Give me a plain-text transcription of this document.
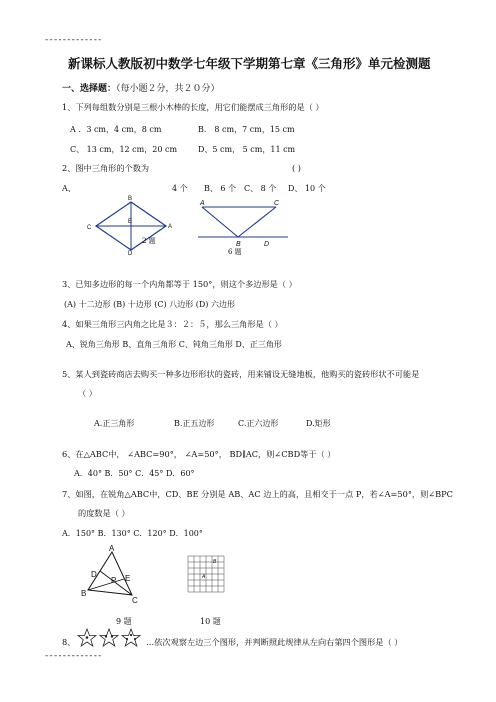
-------------
新课标人教版初中数学七年级下学期第七章《三角形》单元检测题
一、选择题：（每小题２分，共２０分）
1、下列每组数分别是三根小木棒的长度，用它们能摆成三角形的是（ ）
A ．3 cm，4 cm，8 cm	B． 8 cm，7 cm，15 cm
C、 13 cm，12 cm，20 cm	D、5 cm， 5 cm，11 cm
2、图中三角形的个数为	( )
A、	4 个 B、 6 个 C、 8 个 D、 10 个
B
C
E
A
D
2 题
A	C
B	D
6 题
3、已知多边形的每一个内角都等于 150°，则这个多边形是（ ）
(A) 十二边形 (B) 十边形 (C) 八边形 (D) 六边形
4、如果三角形三内角之比是３：２：５，那么三角形是（ ）
A、锐角三角形 B、直角三角形 C、钝角三角形 D、正三角形
5、某人到瓷砖商店去购买一种多边形形状的瓷砖，用来铺设无缝地板，他购买的瓷砖形状不可能是
（ ）
A.正三角形	B.正五边形	C.正六边形	D.矩形
6、在△ABC中， ∠ABC=90°， ∠A=50°， BD∥AC，则∠CBD等于（ ）
A．40° B．50° C．45° D．60°
7、如图，在锐角△ABC中，CD、BE 分别是 AB、AC 边上的高，且相交于一点 P，若∠A=50°，则∠BPC
的度数是（ ）
A．150° B．130° C．120° D．100°
A
D
P E
B
C
B
A
9 题	10 题
8、	…依次观察左边三个图形，并判断照此规律从左向右第四个图形是（ ）
-------------
